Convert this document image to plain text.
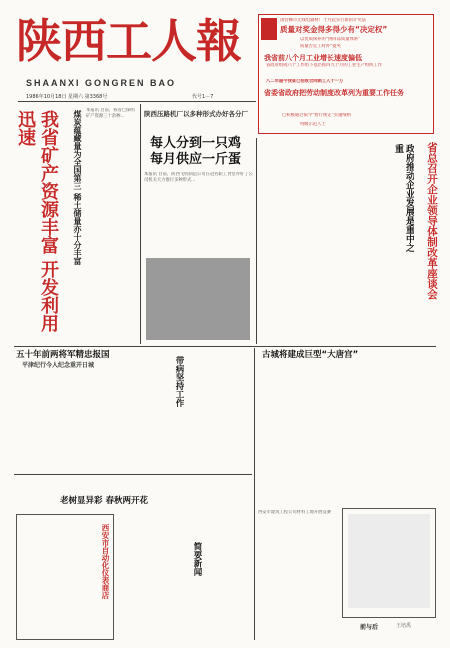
陕西工人報
SHAANXI GONGREN BAO
1986年10月18日 星期六 第3368号	代号1－7
国营柳市无线电器材厂十月起实行新的计奖法
质量对奖金得多得少有“决定权”
以优质保养的“拼回品质量体系”
质量否定工时补“提奖
我省前八个月工业增长速度偏低
省政府组成六个工作组下基层抓四九个月的工业生产组织工作
八二年遥今我省已招收合同制工人十一万
省委省政府把劳动制度改革列为重要工作任务
已积极通过拟今“暂行规定”实施细则
特级示范人士
我省矿产资源丰富 开发利用迅速	煤炭蕴藏量为全国第三 稀土储量亦十分丰富 本报讯 目前，我省已探明矿产资源三十余种...	陕西压路机厂以多种形式办好各分厂
每人分到一只鸡
每月供应一斤蛋
本报讯 目前，陕西飞机制造公司在冠名职工食堂办好了公司机关大力推行多种形式...	政府推动企业发展是重中之重	省总召开企业领导体制改革座谈会
五十年前两将军精忠报国
平津纪行今人纪念重开日城	带病坚持工作
古城将建成巨型“大唐宫”
老树显异彩 春秋两开花
西安市自动化仪表商店	简要新闻
前与后	王培禹
西安市建筑工程公司材料工地开展竞赛
